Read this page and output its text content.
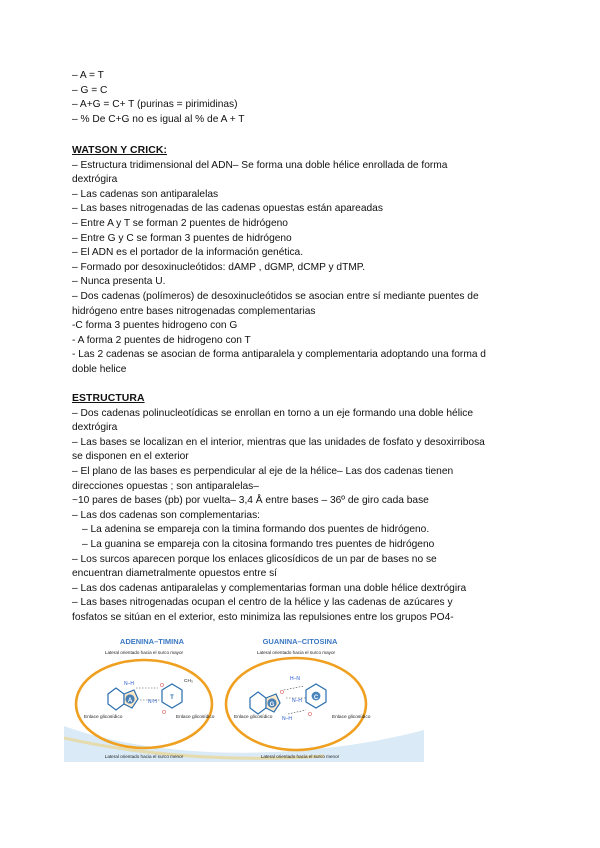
– A = T
– G = C
– A+G = C+ T (purinas = pirimidinas)
– % De C+G no es igual al % de A + T
WATSON Y CRICK:
– Estructura tridimensional del ADN– Se forma una doble hélice enrollada de forma
dextrógira
– Las cadenas son antiparalelas
– Las bases nitrogenadas de las cadenas opuestas están apareadas
– Entre A y T se forman 2 puentes de hidrógeno
– Entre G y C se forman 3 puentes de hidrógeno
– El ADN es el portador de la información genética.
– Formado por desoxinucleótidos: dAMP , dGMP, dCMP y dTMP.
– Nunca presenta U.
– Dos cadenas (polímeros) de desoxinucleótidos se asocian entre sí mediante puentes de
hidrógeno entre bases nitrogenadas complementarias
-C forma 3 puentes hidrogeno con G
- A forma 2 puentes de hidrogeno con T
- Las 2 cadenas se asocian de forma antiparalela y complementaria adoptando una forma d
doble helice
ESTRUCTURA
– Dos cadenas polinucleotídicas se enrollan en torno a un eje formando una doble hélice
dextrógira
– Las bases se localizan en el interior, mientras que las unidades de fosfato y desoxirribosa
se disponen en el exterior
– El plano de las bases es perpendicular al eje de la hélice– Las dos cadenas tienen
direcciones opuestas ; son antiparalelas–
~10 pares de bases (pb) por vuelta– 3,4 Å entre bases – 36º de giro cada base
– Las dos cadenas son complementarias:
– La adenina se empareja con la timina formando dos puentes de hidrógeno.
– La guanina se empareja con la citosina formando tres puentes de hidrógeno
– Los surcos aparecen porque los enlaces glicosídicos de un par de bases no se
encuentran diametralmente opuestos entre sí
– Las dos cadenas antiparalelas y complementarias forman una doble hélice dextrógira
– Las bases nitrogenadas ocupan el centro de la hélice y las cadenas de azúcares y
fosfatos se sitúan en el exterior, esto minimiza las repulsiones entre los grupos PO4-
ADENINA–TIMINA
Lateral orientado hacia el surco mayor
A	T
CH₃
N–H	O
N·H
O
Enlace glicosídico	Enlace glicosídico
Lateral orientado hacia el surco menor
GUANINA–CITOSINA
Lateral orientado hacia el surco mayor
G
C
H–N
O
N–H
N–H
O
Enlace glicosídico	Enlace glicosídico
Lateral orientado hacia el surco menor
